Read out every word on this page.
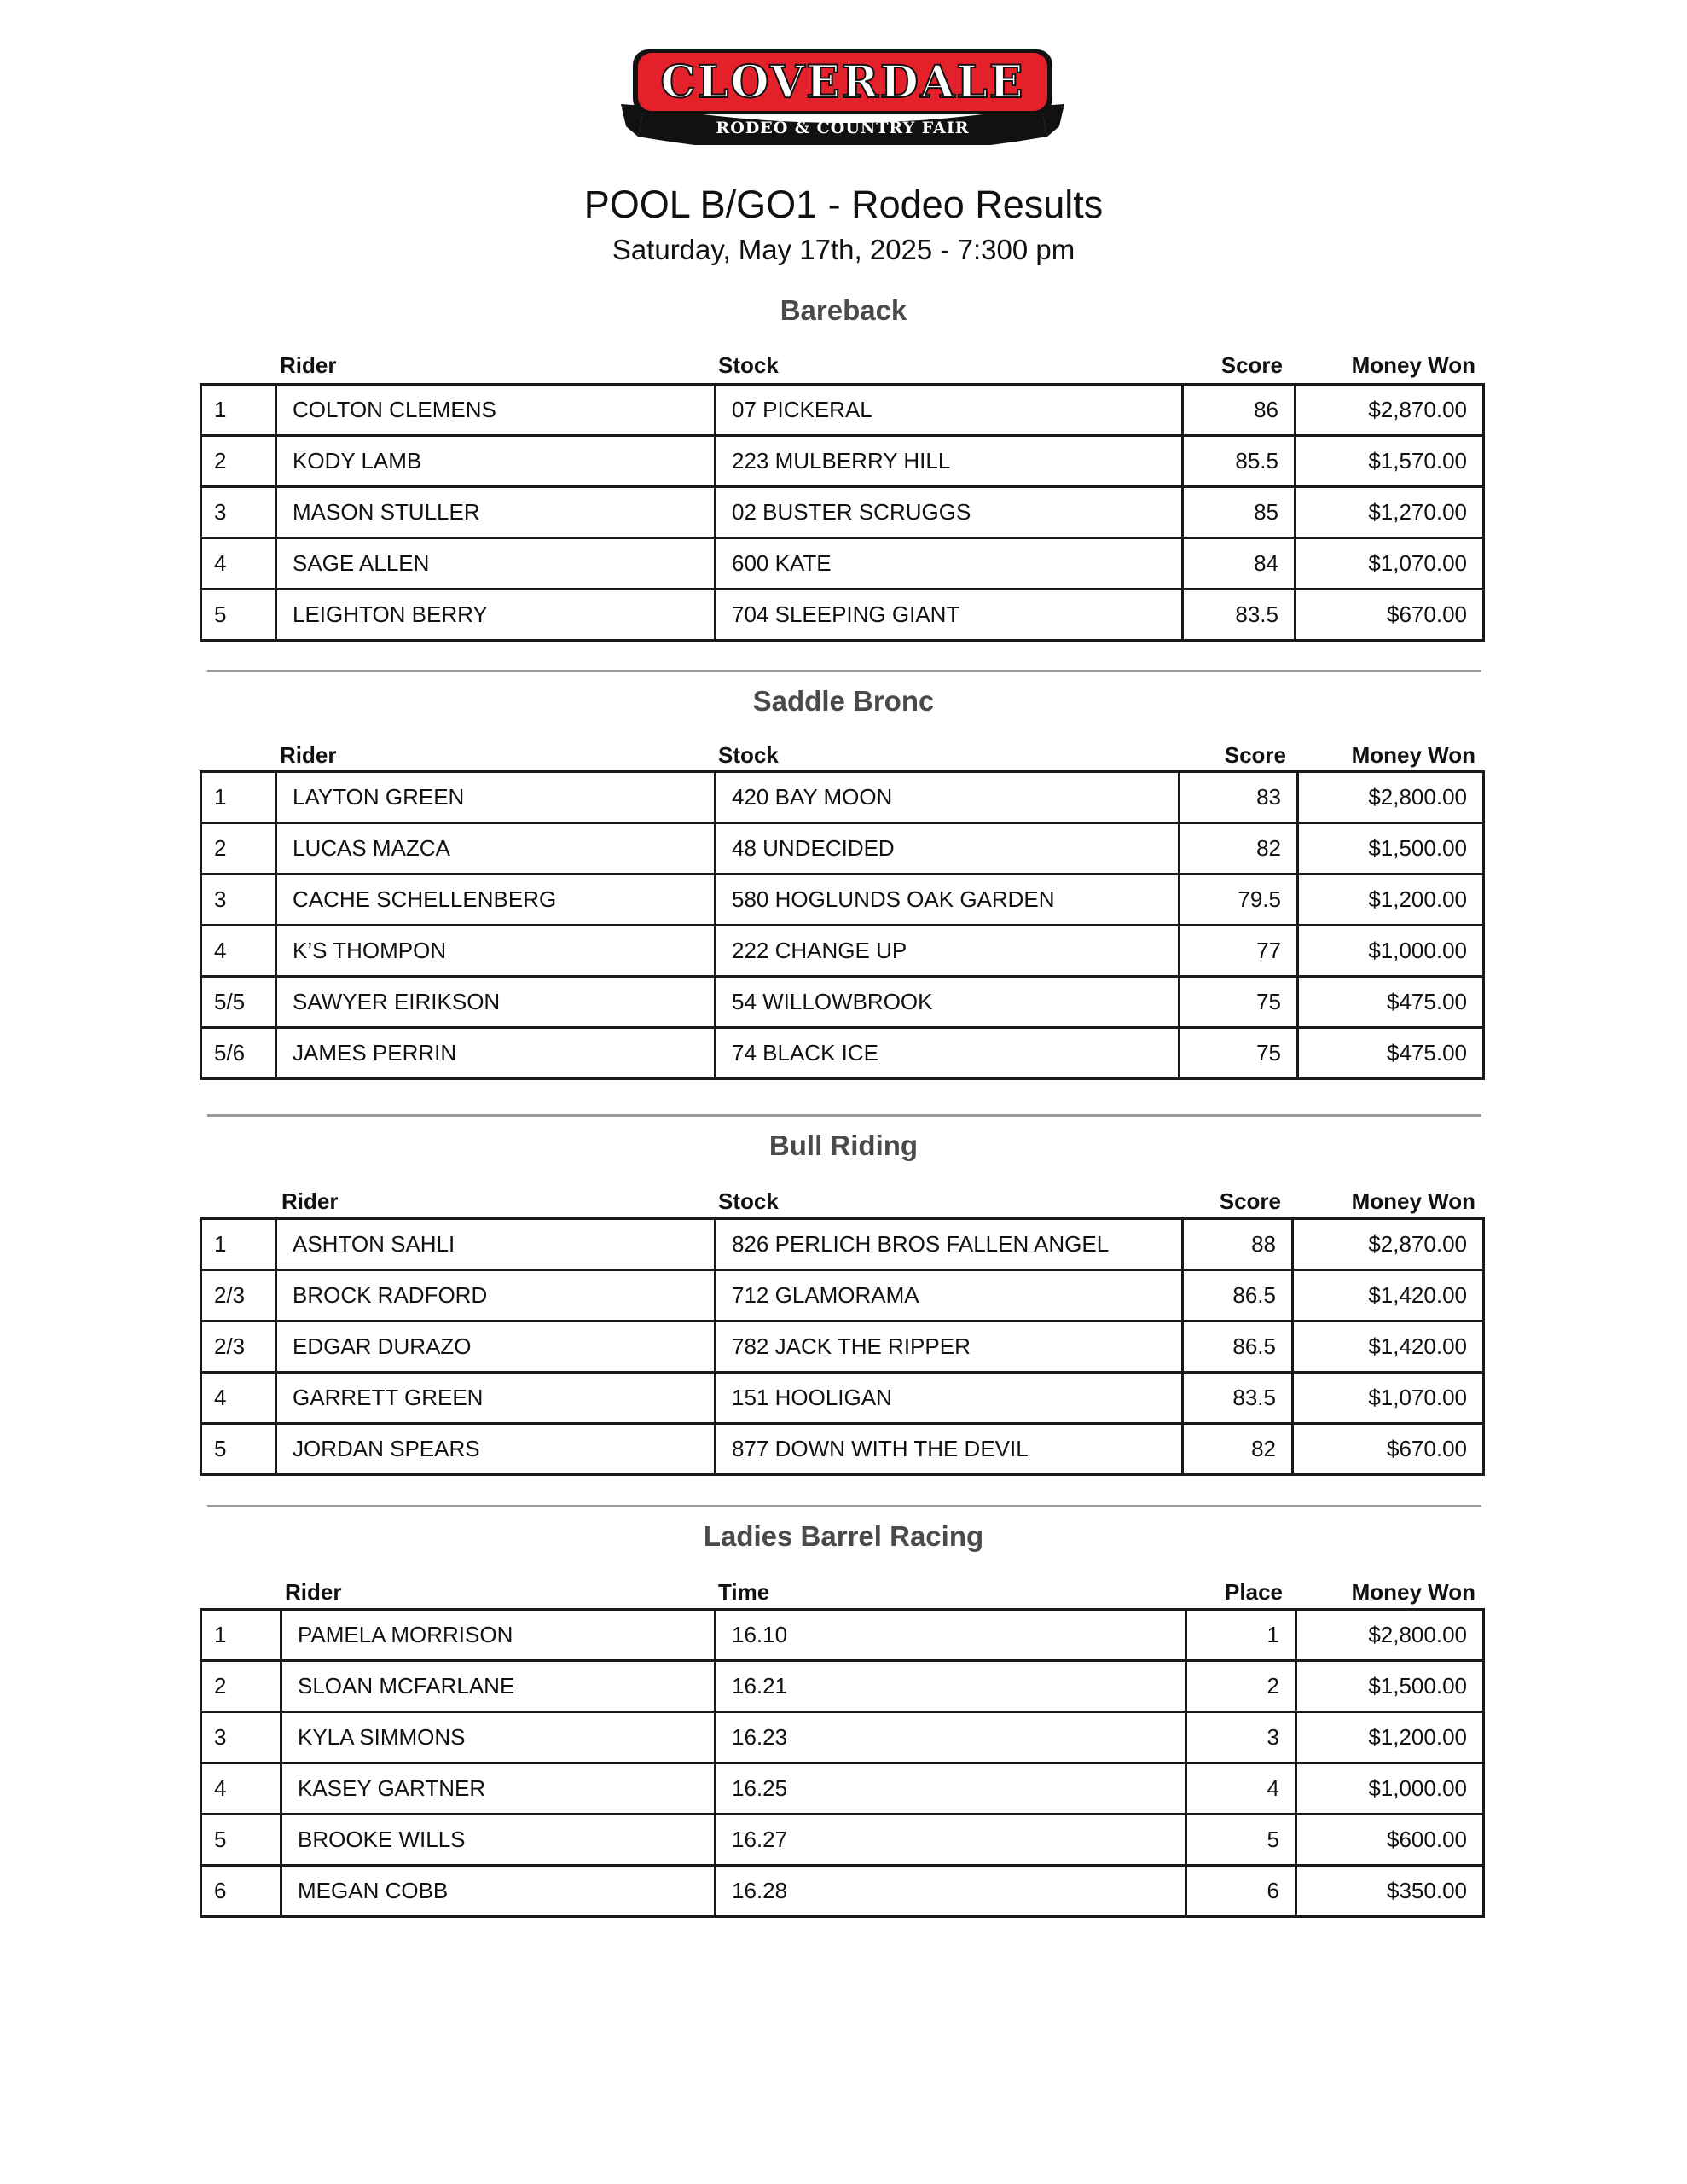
CLOVERDALE
RODEO & COUNTRY FAIR
POOL B/GO1 - Rodeo Results
Saturday, May 17th, 2025 - 7:300 pm
Bareback
Rider	Stock	Score	Money Won
1	COLTON CLEMENS	07 PICKERAL	86	$2,870.00
2	KODY LAMB	223 MULBERRY HILL	85.5	$1,570.00
3	MASON STULLER	02 BUSTER SCRUGGS	85	$1,270.00
4	SAGE ALLEN	600 KATE	84	$1,070.00
5	LEIGHTON BERRY	704 SLEEPING GIANT	83.5	$670.00
Saddle Bronc
Rider	Stock	Score	Money Won
1	LAYTON GREEN	420 BAY MOON	83	$2,800.00
2	LUCAS MAZCA	48 UNDECIDED	82	$1,500.00
3	CACHE SCHELLENBERG	580 HOGLUNDS OAK GARDEN	79.5	$1,200.00
4	K’S THOMPON	222 CHANGE UP	77	$1,000.00
5/5	SAWYER EIRIKSON	54 WILLOWBROOK	75	$475.00
5/6	JAMES PERRIN	74 BLACK ICE	75	$475.00
Bull Riding
Rider	Stock	Score	Money Won
1	ASHTON SAHLI	826 PERLICH BROS FALLEN ANGEL	88	$2,870.00
2/3	BROCK RADFORD	712 GLAMORAMA	86.5	$1,420.00
2/3	EDGAR DURAZO	782 JACK THE RIPPER	86.5	$1,420.00
4	GARRETT GREEN	151 HOOLIGAN	83.5	$1,070.00
5	JORDAN SPEARS	877 DOWN WITH THE DEVIL	82	$670.00
Ladies Barrel Racing
Rider	Time	Place	Money Won
1	PAMELA MORRISON	16.10	1	$2,800.00
2	SLOAN MCFARLANE	16.21	2	$1,500.00
3	KYLA SIMMONS	16.23	3	$1,200.00
4	KASEY GARTNER	16.25	4	$1,000.00
5	BROOKE WILLS	16.27	5	$600.00
6	MEGAN COBB	16.28	6	$350.00
